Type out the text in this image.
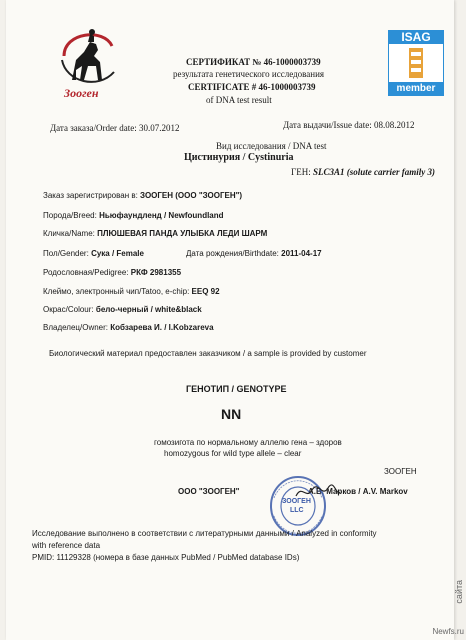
Зооген
ISAG
member
СЕРТИФИКАТ № 46-1000003739
результата генетического исследования
CERTIFICATE # 46-1000003739
of DNA test result
Дата заказа/Order date: 30.07.2012	Дата выдачи/Issue date: 08.08.2012
Вид исследования / DNA test
Цистинурия / Cystinuria
ГЕН: SLC3A1 (solute carrier family 3)
Заказ зарегистрирован в: ЗООГЕН (ООО "ЗООГЕН")
Порода/Breed: Ньюфаундленд / Newfoundland
Кличка/Name: ПЛЮШЕВАЯ ПАНДА УЛЫБКА ЛЕДИ ШАРМ
Пол/Gender: Сука / Female	Дата рождения/Birthdate: 2011-04-17
Родословная/Pedigree: РКФ 2981355
Клеймо, электронный чип/Tatoo, e-chip: EEQ 92
Окрас/Colour: бело-черный / white&black
Владелец/Owner: Кобзарева И. / I.Kobzareva
Биологический материал предоставлен заказчиком / a sample is provided by customer
ГЕНОТИП / GENOTYPE
NN
гомозигота по нормальному аллелю гена – здоров
homozygous for wild type allele – clear
ЗООГЕН
ООО "ЗООГЕН"	А.В. Марков / A.V. Markov
ЗООГЕН
LLC
Исследование выполнено в соответствии с литературными данными / Analyzed in conformity
with reference data
PMID: 11129328 (номера в базе данных PubMed / PubMed database IDs)
сайта
Newfs.ru
